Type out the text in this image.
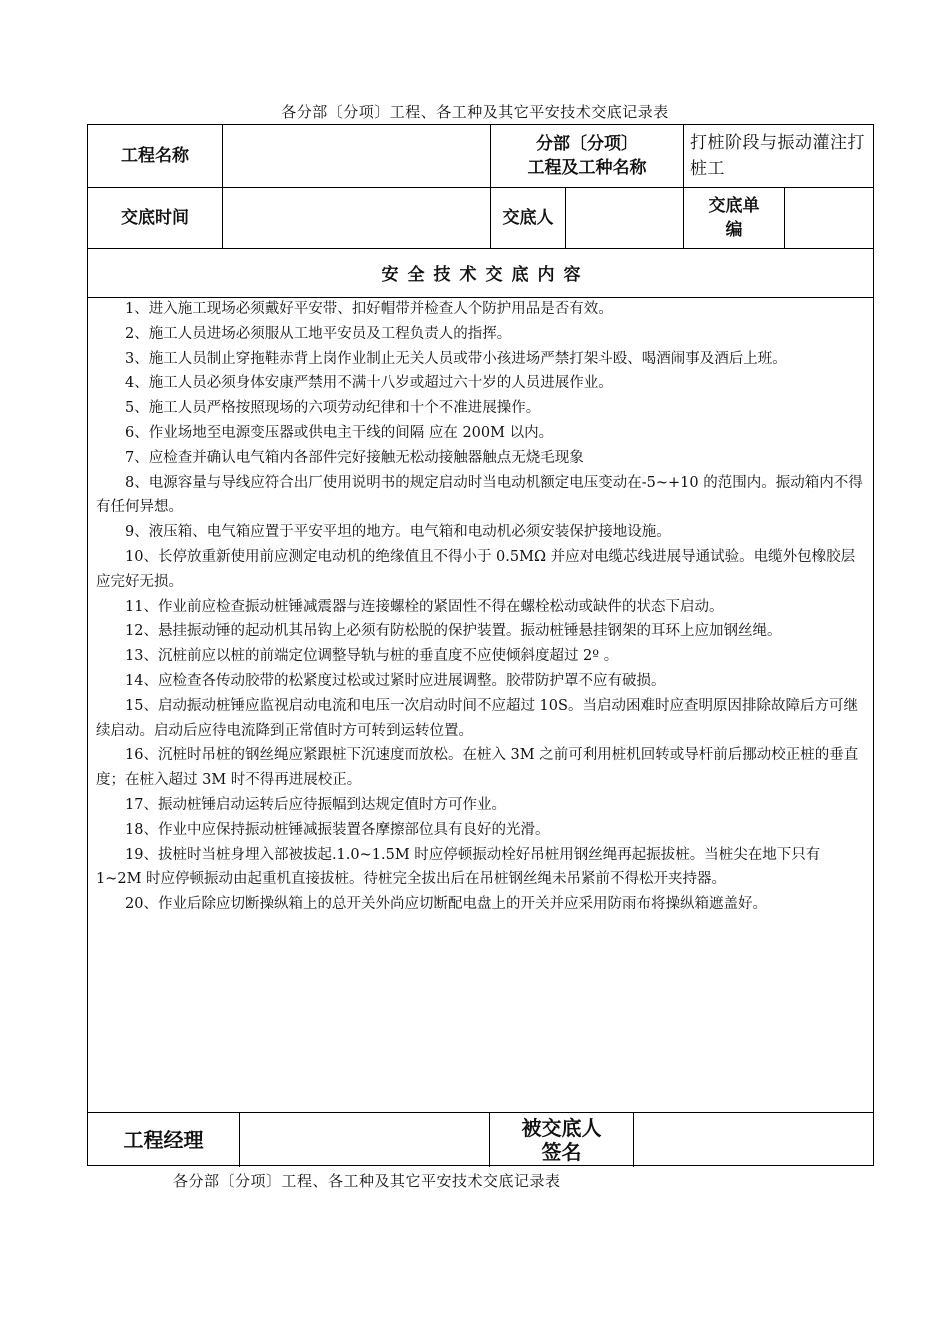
各分部〔分项〕工程、各工种及其它平安技术交底记录表
工程名称
分部〔分项〕
工程及工种名称
打桩阶段与振动灌注打桩工
交底时间	交底人
交底单
编
安全技术交底内容

1、进入施工现场必须戴好平安带、扣好帽带并检查人个防护用品是否有效。

2、施工人员进场必须服从工地平安员及工程负责人的指挥。

3、施工人员制止穿拖鞋赤背上岗作业制止无关人员或带小孩进场严禁打架斗殴、喝酒闹事及酒后上班。

4、施工人员必须身体安康严禁用不满十八岁或超过六十岁的人员进展作业。

5、施工人员严格按照现场的六项劳动纪律和十个不准进展操作。

6、作业场地至电源变压器或供电主干线的间隔 应在 200M 以内。

7、应检查并确认电气箱内各部件完好接触无松动接触器触点无烧毛现象

8、电源容量与导线应符合出厂使用说明书的规定启动时当电动机额定电压变动在-5~+10 的范围内。振动箱内不得有任何异想。

9、液压箱、电气箱应置于平安平坦的地方。电气箱和电动机必须安装保护接地设施。

10、长停放重新使用前应测定电动机的绝缘值且不得小于 0.5MΩ 并应对电缆芯线进展导通试验。电缆外包橡胶层应完好无损。

11、作业前应检查振动桩锤减震器与连接螺栓的紧固性不得在螺栓松动或缺件的状态下启动。

12、悬挂振动锤的起动机其吊钩上必须有防松脱的保护装置。振动桩锤悬挂钢架的耳环上应加钢丝绳。

13、沉桩前应以桩的前端定位调整导轨与桩的垂直度不应使倾斜度超过 2º 。

14、应检查各传动胶带的松紧度过松或过紧时应进展调整。胶带防护罩不应有破损。

15、启动振动桩锤应监视启动电流和电压一次启动时间不应超过 10S。当启动困难时应查明原因排除故障后方可继续启动。启动后应待电流降到正常值时方可转到运转位置。

16、沉桩时吊桩的钢丝绳应紧跟桩下沉速度而放松。在桩入 3M 之前可利用桩机回转或导杆前后挪动校正桩的垂直度；在桩入超过 3M 时不得再进展校正。

17、振动桩锤启动运转后应待振幅到达规定值时方可作业。

18、作业中应保持振动桩锤减振装置各摩擦部位具有良好的光滑。

19、拔桩时当桩身埋入部被拔起.1.0~1.5M 时应停顿振动栓好吊桩用钢丝绳再起振拔桩。当桩尖在地下只有 1~2M 时应停顿振动由起重机直接拔桩。待桩完全拔出后在吊桩钢丝绳未吊紧前不得松开夹持器。

20、作业后除应切断操纵箱上的总开关外尚应切断配电盘上的开关并应采用防雨布将操纵箱遮盖好。

工程经理	被交底人
签名
各分部〔分项〕工程、各工种及其它平安技术交底记录表
